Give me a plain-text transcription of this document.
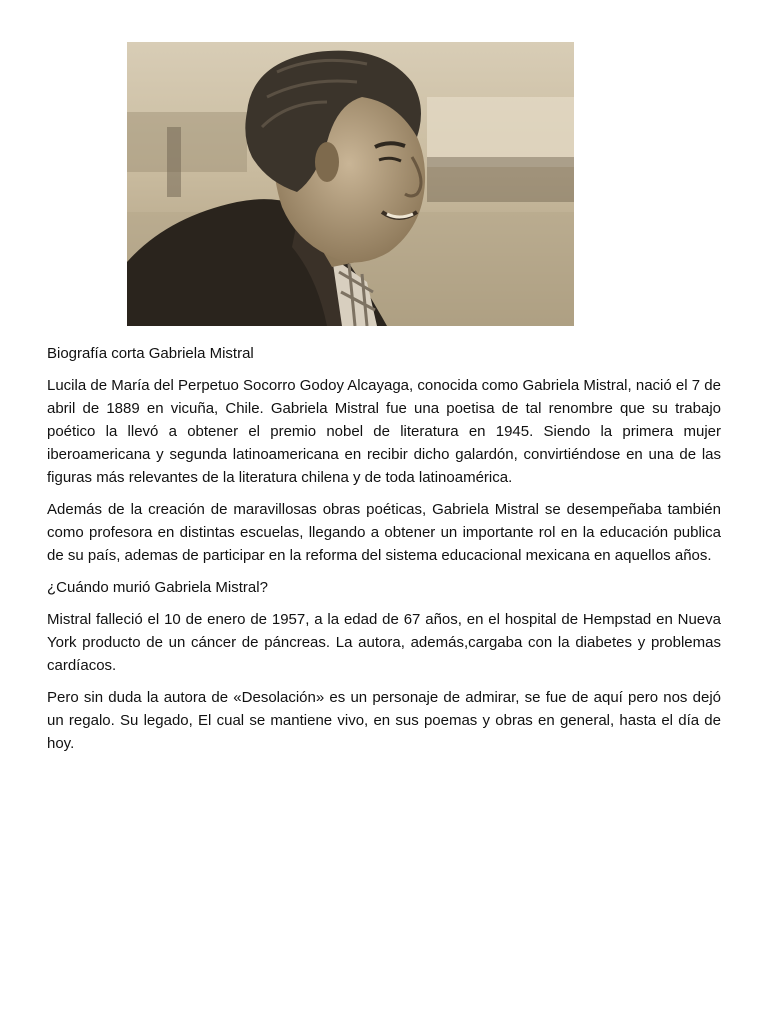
Biografía corta Gabriela Mistral

Lucila de María del Perpetuo Socorro Godoy Alcayaga, conocida como Gabriela Mistral, nació el 7 de abril de 1889 en vicuña, Chile. Gabriela Mistral fue una poetisa de tal renombre que su trabajo poético la llevó a obtener el premio nobel de literatura en 1945. Siendo la primera mujer iberoamericana y segunda latinoamericana en recibir dicho galardón, convirtiéndose en una de las figuras más relevantes de la literatura chilena y de toda latinoamérica.

Además de la creación de maravillosas obras poéticas, Gabriela Mistral se desempeñaba también como profesora en distintas escuelas, llegando a obtener un importante rol en la educación publica de su país, ademas de participar en la reforma del sistema educacional mexicana en aquellos años.

¿Cuándo murió Gabriela Mistral?

Mistral falleció el 10 de enero de 1957, a la edad de 67 años, en el hospital de Hempstad en Nueva York producto de un cáncer de páncreas. La autora, además,cargaba con la diabetes y problemas cardíacos.

Pero sin duda la autora de «Desolación» es un personaje de admirar, se fue de aquí pero nos dejó un regalo. Su legado, El cual se mantiene vivo, en sus poemas y obras en general, hasta el día de hoy.
